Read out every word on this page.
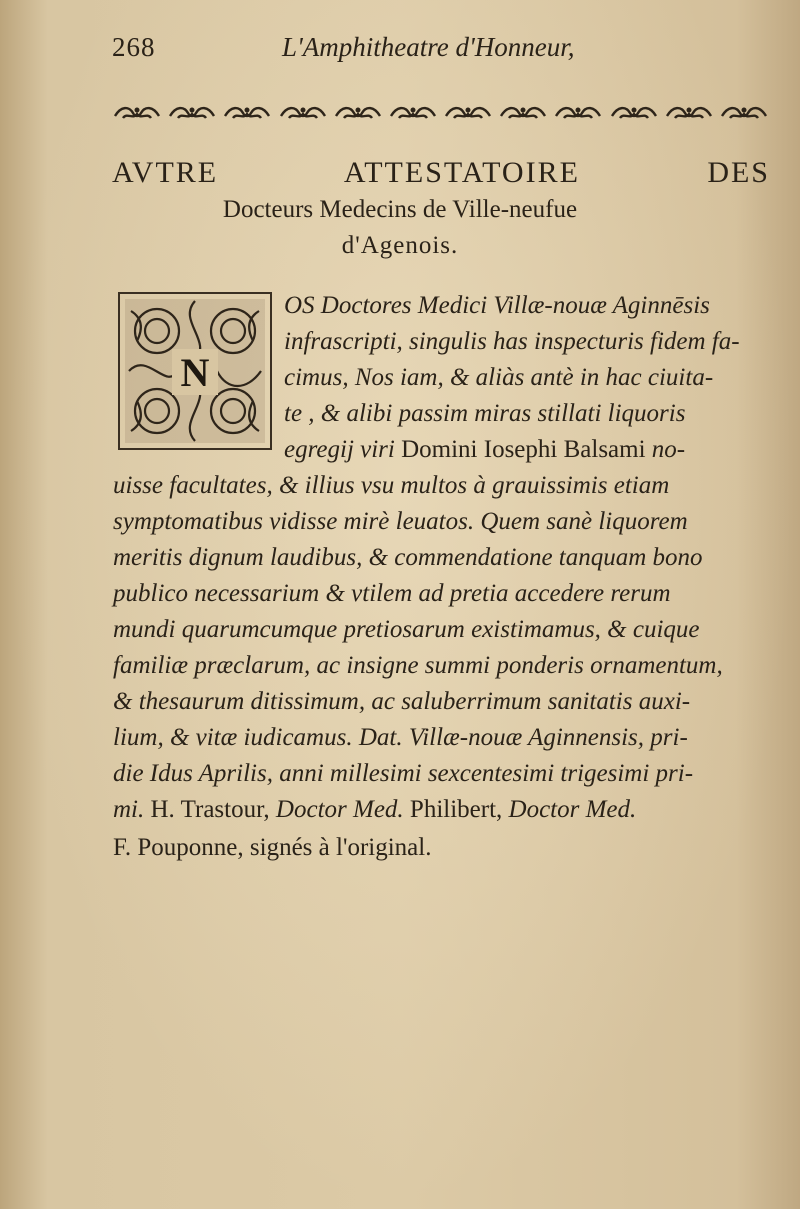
268	L'Amphitheatre d'Honneur,
AVTRE ATTESTATOIRE DES
Docteurs Medecins de Ville-neufue
d'Agenois.
N
OS Doctores Medici Villæ-nouæ Aginnēsis
infrascripti, singulis has inspecturis fidem fa-
cimus, Nos iam, & aliàs antè in hac ciuita-
te , & alibi passim miras stillati liquoris
egregij viri Domini Iosephi Balsami no-
uisse facultates, & illius vsu multos à grauissimis etiam
symptomatibus vidisse mirè leuatos. Quem sanè liquorem
meritis dignum laudibus, & commendatione tanquam bono
publico necessarium & vtilem ad pretia accedere rerum
mundi quarumcumque pretiosarum existimamus, & cuique
familiæ præclarum, ac insigne summi ponderis ornamentum,
& thesaurum ditissimum, ac saluberrimum sanitatis auxi-
lium, & vitæ iudicamus. Dat. Villæ-nouæ Aginnensis, pri-
die Idus Aprilis, anni millesimi sexcentesimi trigesimi pri-
mi. H. Trastour, Doctor Med. Philibert, Doctor Med.
F. Pouponne, signés à l'original.
